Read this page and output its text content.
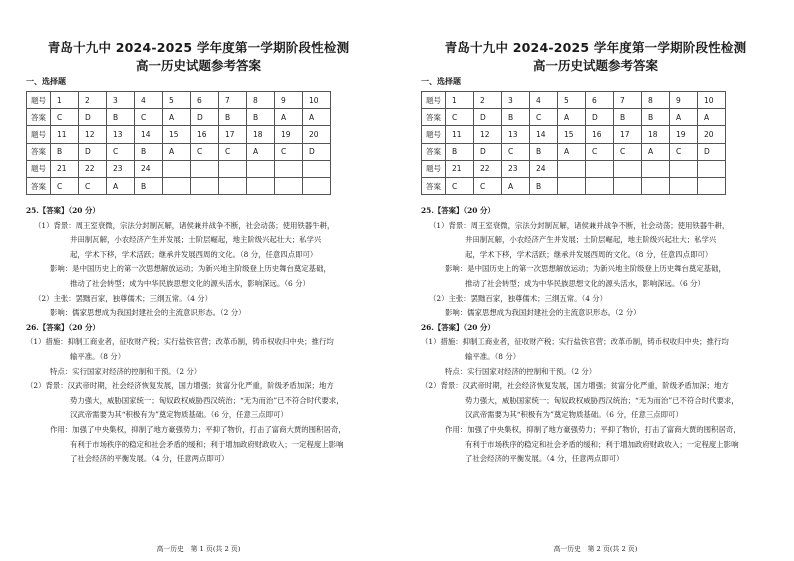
青岛十九中 2024-2025 学年度第一学期阶段性检测
高一历史试题参考答案
一、选择题
题号	1	2	3	4	5	6	7	8	9	10
答案	C	D	B	C	A	D	B	B	A	A
题号	11	12	13	14	15	16	17	18	19	20
答案	B	D	C	B	A	C	C	A	C	D
题号	21	22	23	24						
答案	C	C	A	B						

25.【答案】（20 分）

（1）背景：周王室衰微，宗法分封制瓦解，诸侯兼并战争不断，社会动荡；使用铁器牛耕，

井田制瓦解，小农经济产生并发展；士阶层崛起，地主阶级兴起壮大；私学兴

起，学术下移，学术活跃；继承并发展西周的文化。（8 分，任意四点即可）

影响：是中国历史上的第一次思想解放运动；为新兴地主阶级登上历史舞台奠定基础，

推动了社会转型；成为中华民族思想文化的源头活水，影响深远。（6 分）

（2）主张：罢黜百家，独尊儒术；三纲五常。（4 分）

影响：儒家思想成为我国封建社会的主流意识形态。（2 分）

26.【答案】（20 分）

（1）措施：抑制工商业者，征收财产税；实行盐铁官营；改革币制，铸币权收归中央；推行均

输平准。（8 分）

特点：实行国家对经济的控制和干预。（2 分）

（2）背景：汉武帝时期，社会经济恢复发展，国力增强；贫富分化严重，阶级矛盾加深；地方

势力强大，威胁国家统一；匈奴政权威胁西汉统治；“无为而治”已不符合时代要求，

汉武帝需要为其“积极有为”奠定物质基础。（6 分，任意三点即可）

作用：加强了中央集权，抑制了地方豪强势力；平抑了物价，打击了富商大贾的囤积居奇，

有利于市场秩序的稳定和社会矛盾的缓和；利于增加政府财政收入；一定程度上影响

了社会经济的平衡发展。（4 分，任意两点即可）

高一历史　第 1 页(共 2 页)
青岛十九中 2024-2025 学年度第一学期阶段性检测
高一历史试题参考答案
一、选择题
题号	1	2	3	4	5	6	7	8	9	10
答案	C	D	B	C	A	D	B	B	A	A
题号	11	12	13	14	15	16	17	18	19	20
答案	B	D	C	B	A	C	C	A	C	D
题号	21	22	23	24						
答案	C	C	A	B						

25.【答案】（20 分）

（1）背景：周王室衰微，宗法分封制瓦解，诸侯兼并战争不断，社会动荡；使用铁器牛耕，

井田制瓦解，小农经济产生并发展；士阶层崛起，地主阶级兴起壮大；私学兴

起，学术下移，学术活跃；继承并发展西周的文化。（8 分，任意四点即可）

影响：是中国历史上的第一次思想解放运动；为新兴地主阶级登上历史舞台奠定基础，

推动了社会转型；成为中华民族思想文化的源头活水，影响深远。（6 分）

（2）主张：罢黜百家，独尊儒术；三纲五常。（4 分）

影响：儒家思想成为我国封建社会的主流意识形态。（2 分）

26.【答案】（20 分）

（1）措施：抑制工商业者，征收财产税；实行盐铁官营；改革币制，铸币权收归中央；推行均

输平准。（8 分）

特点：实行国家对经济的控制和干预。（2 分）

（2）背景：汉武帝时期，社会经济恢复发展，国力增强；贫富分化严重，阶级矛盾加深；地方

势力强大，威胁国家统一；匈奴政权威胁西汉统治；“无为而治”已不符合时代要求，

汉武帝需要为其“积极有为”奠定物质基础。（6 分，任意三点即可）

作用：加强了中央集权，抑制了地方豪强势力；平抑了物价，打击了富商大贾的囤积居奇，

有利于市场秩序的稳定和社会矛盾的缓和；利于增加政府财政收入；一定程度上影响

了社会经济的平衡发展。（4 分，任意两点即可）

高一历史　第 2 页(共 2 页)
